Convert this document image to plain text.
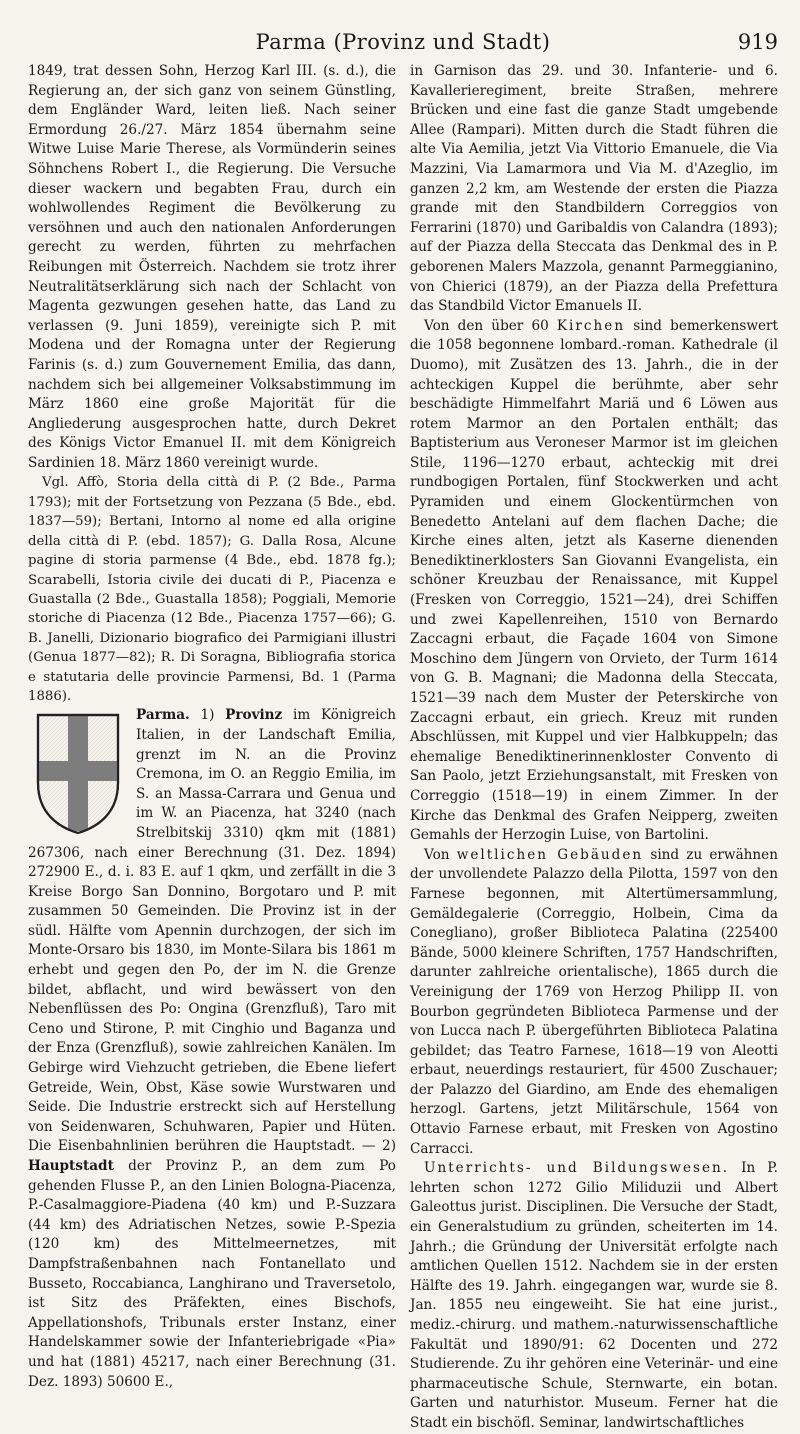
Parma (Provinz und Stadt)	919

1849, trat dessen Sohn, Herzog Karl III. (s. d.), die Regierung an, der sich ganz von seinem Günstling, dem Engländer Ward, leiten ließ. Nach seiner Ermordung 26./27. März 1854 übernahm seine Witwe Luise Marie Therese, als Vormünderin seines Söhnchens Robert I., die Regierung. Die Versuche dieser wackern und begabten Frau, durch ein wohlwollendes Regiment die Bevölkerung zu versöhnen und auch den nationalen Anforderungen gerecht zu werden, führten zu mehrfachen Reibungen mit Österreich. Nachdem sie trotz ihrer Neutralitätserklärung sich nach der Schlacht von Magenta gezwungen gesehen hatte, das Land zu verlassen (9. Juni 1859), vereinigte sich P. mit Modena und der Romagna unter der Regierung Farinis (s. d.) zum Gouvernement Emilia, das dann, nachdem sich bei allgemeiner Volksabstimmung im März 1860 eine große Majorität für die Angliederung ausgesprochen hatte, durch Dekret des Königs Victor Emanuel II. mit dem Königreich Sardinien 18. März 1860 vereinigt wurde.

Vgl. Affò, Storia della città di P. (2 Bde., Parma 1793); mit der Fortsetzung von Pezzana (5 Bde., ebd. 1837—59); Bertani, Intorno al nome ed alla origine della città di P. (ebd. 1857); G. Dalla Rosa, Alcune pagine di storia parmense (4 Bde., ebd. 1878 fg.); Scarabelli, Istoria civile dei ducati di P., Piacenza e Guastalla (2 Bde., Guastalla 1858); Poggiali, Memorie storiche di Piacenza (12 Bde., Piacenza 1757—66); G. B. Janelli, Dizionario biografico dei Parmigiani illustri (Genua 1877—82); R. Di Soragna, Bibliografia storica e statutaria delle provincie Parmensi, Bd. 1 (Parma 1886).

Parma. 1) Provinz
im Königreich Italien, in der Landschaft Emilia, grenzt im N. an die Provinz Cremona, im O. an Reggio Emilia, im S. an Massa-Carrara und Genua und im W. an Piacenza, hat 3240 (nach Strelbitskij 3310) qkm mit (1881) 267306, nach einer Berechnung (31. Dez. 1894) 272900 E., d. i. 83 E. auf 1 qkm, und zerfällt in die 3 Kreise Borgo San Donnino, Borgotaro und P. mit zusammen 50 Gemeinden. Die Provinz ist in der südl. Hälfte vom Apennin durchzogen, der sich im Monte-Orsaro bis 1830, im Monte-Silara bis 1861 m erhebt und gegen den Po, der im N. die Grenze bildet, abflacht, und wird bewässert von den Nebenflüssen des Po: Ongina (Grenzfluß), Taro mit Ceno und Stirone, P. mit Cinghio und Baganza und der Enza (Grenzfluß), sowie zahlreichen Kanälen. Im Gebirge wird Viehzucht getrieben, die Ebene liefert Getreide, Wein, Obst, Käse sowie Wurstwaren und Seide. Die Industrie erstreckt sich auf Herstellung von Seidenwaren, Schuhwaren, Papier und Hüten. Die Eisenbahnlinien berühren die Hauptstadt. — 2) Hauptstadt der Provinz P., an dem zum Po gehenden Flusse P., an den Linien Bologna-Piacenza, P.-Casalmaggiore-Piadena (40 km) und P.-Suzzara (44 km) des Adriatischen Netzes, sowie P.-Spezia (120 km) des Mittelmeernetzes, mit Dampfstraßenbahnen nach Fontanellato und Busseto, Roccabianca, Langhirano und Traversetolo, ist Sitz des Präfekten, eines Bischofs, Appellationshofs, Tribunals erster Instanz, einer Handelskammer sowie der Infanteriebrigade «Pia» und hat (1881) 45217, nach einer Berechnung (31. Dez. 1893) 50600 E.,

in Garnison das 29. und 30. Infanterie- und 6. Kavallerieregiment, breite Straßen, mehrere Brücken und eine fast die ganze Stadt umgebende Allee (Rampari). Mitten durch die Stadt führen die alte Via Aemilia, jetzt Via Vittorio Emanuele, die Via Mazzini, Via Lamarmora und Via M. d'Azeglio, im ganzen 2,2 km, am Westende der ersten die Piazza grande mit den Standbildern Correggios von Ferrarini (1870) und Garibaldis von Calandra (1893); auf der Piazza della Steccata das Denkmal des in P. geborenen Malers Mazzola, genannt Parmeggianino, von Chierici (1879), an der Piazza della Prefettura das Standbild Victor Emanuels II.

Von den über 60 Kirchen sind bemerkenswert die 1058 begonnene lombard.-roman. Kathedrale (il Duomo), mit Zusätzen des 13. Jahrh., die in der achteckigen Kuppel die berühmte, aber sehr beschädigte Himmelfahrt Mariä und 6 Löwen aus rotem Marmor an den Portalen enthält; das Baptisterium aus Veroneser Marmor ist im gleichen Stile, 1196—1270 erbaut, achteckig mit drei rundbogigen Portalen, fünf Stockwerken und acht Pyramiden und einem Glockentürmchen von Benedetto Antelani auf dem flachen Dache; die Kirche eines alten, jetzt als Kaserne dienenden Benediktinerklosters San Giovanni Evangelista, ein schöner Kreuzbau der Renaissance, mit Kuppel (Fresken von Correggio, 1521—24), drei Schiffen und zwei Kapellenreihen, 1510 von Bernardo Zaccagni erbaut, die Façade 1604 von Simone Moschino dem Jüngern von Orvieto, der Turm 1614 von G. B. Magnani; die Madonna della Steccata, 1521—39 nach dem Muster der Peterskirche von Zaccagni erbaut, ein griech. Kreuz mit runden Abschlüssen, mit Kuppel und vier Halbkuppeln; das ehemalige Benediktinerinnenkloster Convento di San Paolo, jetzt Erziehungsanstalt, mit Fresken von Correggio (1518—19) in einem Zimmer. In der Kirche das Denkmal des Grafen Neipperg, zweiten Gemahls der Herzogin Luise, von Bartolini.

Von weltlichen Gebäuden sind zu erwähnen der unvollendete Palazzo della Pilotta, 1597 von den Farnese begonnen, mit Altertümersammlung, Gemäldegalerie (Correggio, Holbein, Cima da Conegliano), großer Biblioteca Palatina (225400 Bände, 5000 kleinere Schriften, 1757 Handschriften, darunter zahlreiche orientalische), 1865 durch die Vereinigung der 1769 von Herzog Philipp II. von Bourbon gegründeten Biblioteca Parmense und der von Lucca nach P. übergeführten Biblioteca Palatina gebildet; das Teatro Farnese, 1618—19 von Aleotti erbaut, neuerdings restauriert, für 4500 Zuschauer; der Palazzo del Giardino, am Ende des ehemaligen herzogl. Gartens, jetzt Militärschule, 1564 von Ottavio Farnese erbaut, mit Fresken von Agostino Carracci.

Unterrichts- und Bildungswesen. In P. lehrten schon 1272 Gilio Miliduzii und Albert Galeottus jurist. Disciplinen. Die Versuche der Stadt, ein Generalstudium zu gründen, scheiterten im 14. Jahrh.; die Gründung der Universität erfolgte nach amtlichen Quellen 1512. Nachdem sie in der ersten Hälfte des 19. Jahrh. eingegangen war, wurde sie 8. Jan. 1855 neu eingeweiht. Sie hat eine jurist., mediz.-chirurg. und mathem.-naturwissenschaftliche Fakultät und 1890/91: 62 Docenten und 272 Studierende. Zu ihr gehören eine Veterinär- und eine pharmaceutische Schule, Sternwarte, ein botan. Garten und naturhistor. Museum. Ferner hat die Stadt ein bischöfl. Seminar, landwirtschaftliches
